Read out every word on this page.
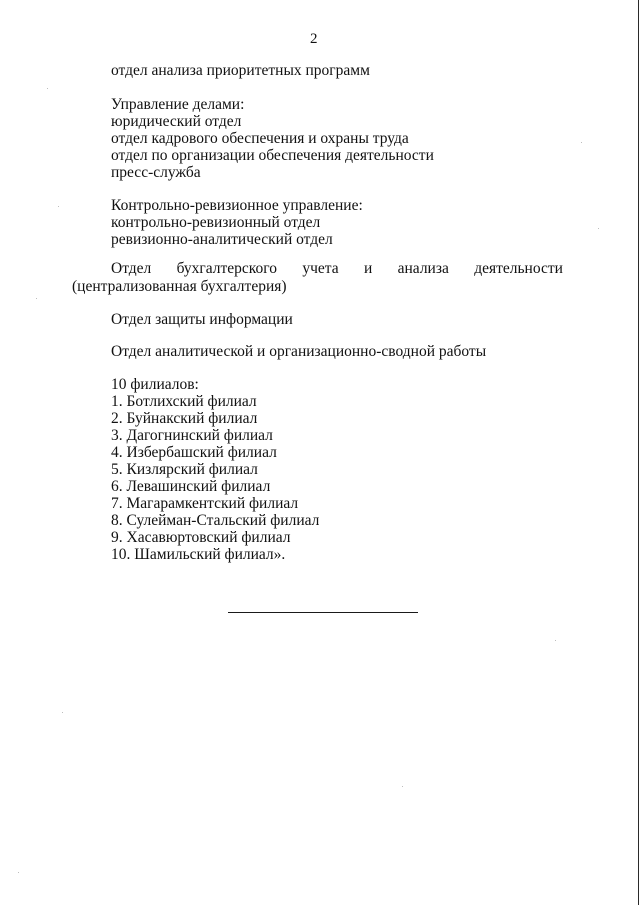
2
отдел анализа приоритетных программ
Управление делами:
юридический отдел
отдел кадрового обеспечения и охраны труда
отдел по организации обеспечения деятельности
пресс-служба
Контрольно-ревизионное управление:
контрольно-ревизионный отдел
ревизионно-аналитический отдел
Отдел бухгалтерского учета и анализа деятельности
(централизованная бухгалтерия)
Отдел защиты информации
Отдел аналитической и организационно-сводной работы
10 филиалов:
1. Ботлихский филиал
2. Буйнакский филиал
3. Дагогнинский филиал
4. Избербашский филиал
5. Кизлярский филиал
6. Левашинский филиал
7. Магарамкентский филиал
8. Сулейман-Стальский филиал
9. Хасавюртовский филиал
10. Шамильский филиал».
